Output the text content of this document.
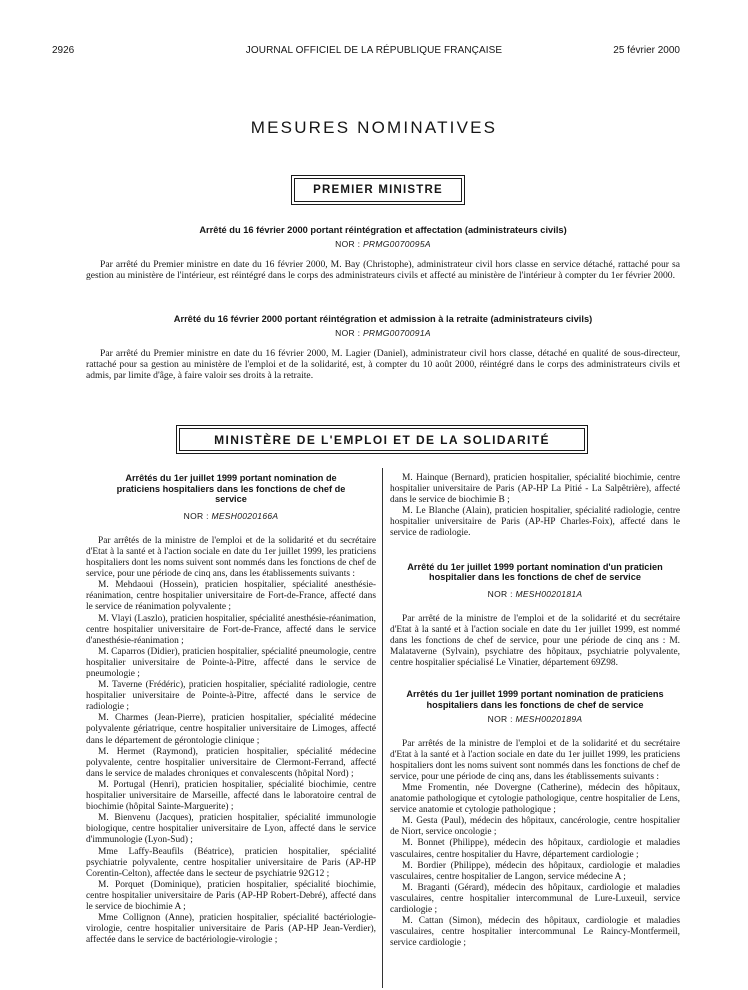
2926	JOURNAL OFFICIEL DE LA RÉPUBLIQUE FRANÇAISE	25 février 2000
MESURES NOMINATIVES
PREMIER MINISTRE

Arrêté du 16 février 2000 portant réintégration et affectation (administrateurs civils)

NOR : PRMG0070095A

Par arrêté du Premier ministre en date du 16 février 2000, M. Bay (Christophe), administrateur civil hors classe en service détaché, rattaché pour sa gestion au ministère de l'intérieur, est réintégré dans le corps des administrateurs civils et affecté au ministère de l'intérieur à compter du 1er février 2000.

Arrêté du 16 février 2000 portant réintégration et admission à la retraite (administrateurs civils)

NOR : PRMG0070091A

Par arrêté du Premier ministre en date du 16 février 2000, M. Lagier (Daniel), administrateur civil hors classe, détaché en qualité de sous-directeur, rattaché pour sa gestion au ministère de l'emploi et de la solidarité, est, à compter du 10 août 2000, réintégré dans le corps des administrateurs civils et admis, par limite d'âge, à faire valoir ses droits à la retraite.

MINISTÈRE DE L'EMPLOI ET DE LA SOLIDARITÉ

Arrêtés du 1er juillet 1999 portant nomination de praticiens hospitaliers dans les fonctions de chef de service

NOR : MESH0020166A

Par arrêtés de la ministre de l'emploi et de la solidarité et du secrétaire d'Etat à la santé et à l'action sociale en date du 1er juillet 1999, les praticiens hospitaliers dont les noms suivent sont nommés dans les fonctions de chef de service, pour une période de cinq ans, dans les établissements suivants :

M. Mehdaoui (Hossein), praticien hospitalier, spécialité anesthésie-réanimation, centre hospitalier universitaire de Fort-de-France, affecté dans le service de réanimation polyvalente ;

M. Vlayi (Laszlo), praticien hospitalier, spécialité anesthésie-réanimation, centre hospitalier universitaire de Fort-de-France, affecté dans le service d'anesthésie-réanimation ;

M. Caparros (Didier), praticien hospitalier, spécialité pneumologie, centre hospitalier universitaire de Pointe-à-Pitre, affecté dans le service de pneumologie ;

M. Taverne (Frédéric), praticien hospitalier, spécialité radiologie, centre hospitalier universitaire de Pointe-à-Pitre, affecté dans le service de radiologie ;

M. Charmes (Jean-Pierre), praticien hospitalier, spécialité médecine polyvalente gériatrique, centre hospitalier universitaire de Limoges, affecté dans le département de gérontologie clinique ;

M. Hermet (Raymond), praticien hospitalier, spécialité médecine polyvalente, centre hospitalier universitaire de Clermont-Ferrand, affecté dans le service de malades chroniques et convalescents (hôpital Nord) ;

M. Portugal (Henri), praticien hospitalier, spécialité biochimie, centre hospitalier universitaire de Marseille, affecté dans le laboratoire central de biochimie (hôpital Sainte-Marguerite) ;

M. Bienvenu (Jacques), praticien hospitalier, spécialité immunologie biologique, centre hospitalier universitaire de Lyon, affecté dans le service d'immunologie (Lyon-Sud) ;

Mme Laffy-Beaufils (Béatrice), praticien hospitalier, spécialité psychiatrie polyvalente, centre hospitalier universitaire de Paris (AP-HP Corentin-Celton), affectée dans le secteur de psychiatrie 92G12 ;

M. Porquet (Dominique), praticien hospitalier, spécialité biochimie, centre hospitalier universitaire de Paris (AP-HP Robert-Debré), affecté dans le service de biochimie A ;

Mme Collignon (Anne), praticien hospitalier, spécialité bactériologie-virologie, centre hospitalier universitaire de Paris (AP-HP Jean-Verdier), affectée dans le service de bactériologie-virologie ;

M. Hainque (Bernard), praticien hospitalier, spécialité biochimie, centre hospitalier universitaire de Paris (AP-HP La Pitié - La Salpêtrière), affecté dans le service de biochimie B ;

M. Le Blanche (Alain), praticien hospitalier, spécialité radiologie, centre hospitalier universitaire de Paris (AP-HP Charles-Foix), affecté dans le service de radiologie.

Arrêté du 1er juillet 1999 portant nomination d'un praticien hospitalier dans les fonctions de chef de service

NOR : MESH0020181A

Par arrêté de la ministre de l'emploi et de la solidarité et du secrétaire d'Etat à la santé et à l'action sociale en date du 1er juillet 1999, est nommé dans les fonctions de chef de service, pour une période de cinq ans : M. Malataverne (Sylvain), psychiatre des hôpitaux, psychiatrie polyvalente, centre hospitalier spécialisé Le Vinatier, département 69Z98.

Arrêtés du 1er juillet 1999 portant nomination de praticiens hospitaliers dans les fonctions de chef de service

NOR : MESH0020189A

Par arrêtés de la ministre de l'emploi et de la solidarité et du secrétaire d'Etat à la santé et à l'action sociale en date du 1er juillet 1999, les praticiens hospitaliers dont les noms suivent sont nommés dans les fonctions de chef de service, pour une période de cinq ans, dans les établissements suivants :

Mme Fromentin, née Dovergne (Catherine), médecin des hôpitaux, anatomie pathologique et cytologie pathologique, centre hospitalier de Lens, service anatomie et cytologie pathologique ;

M. Gesta (Paul), médecin des hôpitaux, cancérologie, centre hospitalier de Niort, service oncologie ;

M. Bonnet (Philippe), médecin des hôpitaux, cardiologie et maladies vasculaires, centre hospitalier du Havre, département cardiologie ;

M. Bordier (Philippe), médecin des hôpitaux, cardiologie et maladies vasculaires, centre hospitalier de Langon, service médecine A ;

M. Braganti (Gérard), médecin des hôpitaux, cardiologie et maladies vasculaires, centre hospitalier intercommunal de Lure-Luxeuil, service cardiologie ;

M. Cattan (Simon), médecin des hôpitaux, cardiologie et maladies vasculaires, centre hospitalier intercommunal Le Raincy-Montfermeil, service cardiologie ;
